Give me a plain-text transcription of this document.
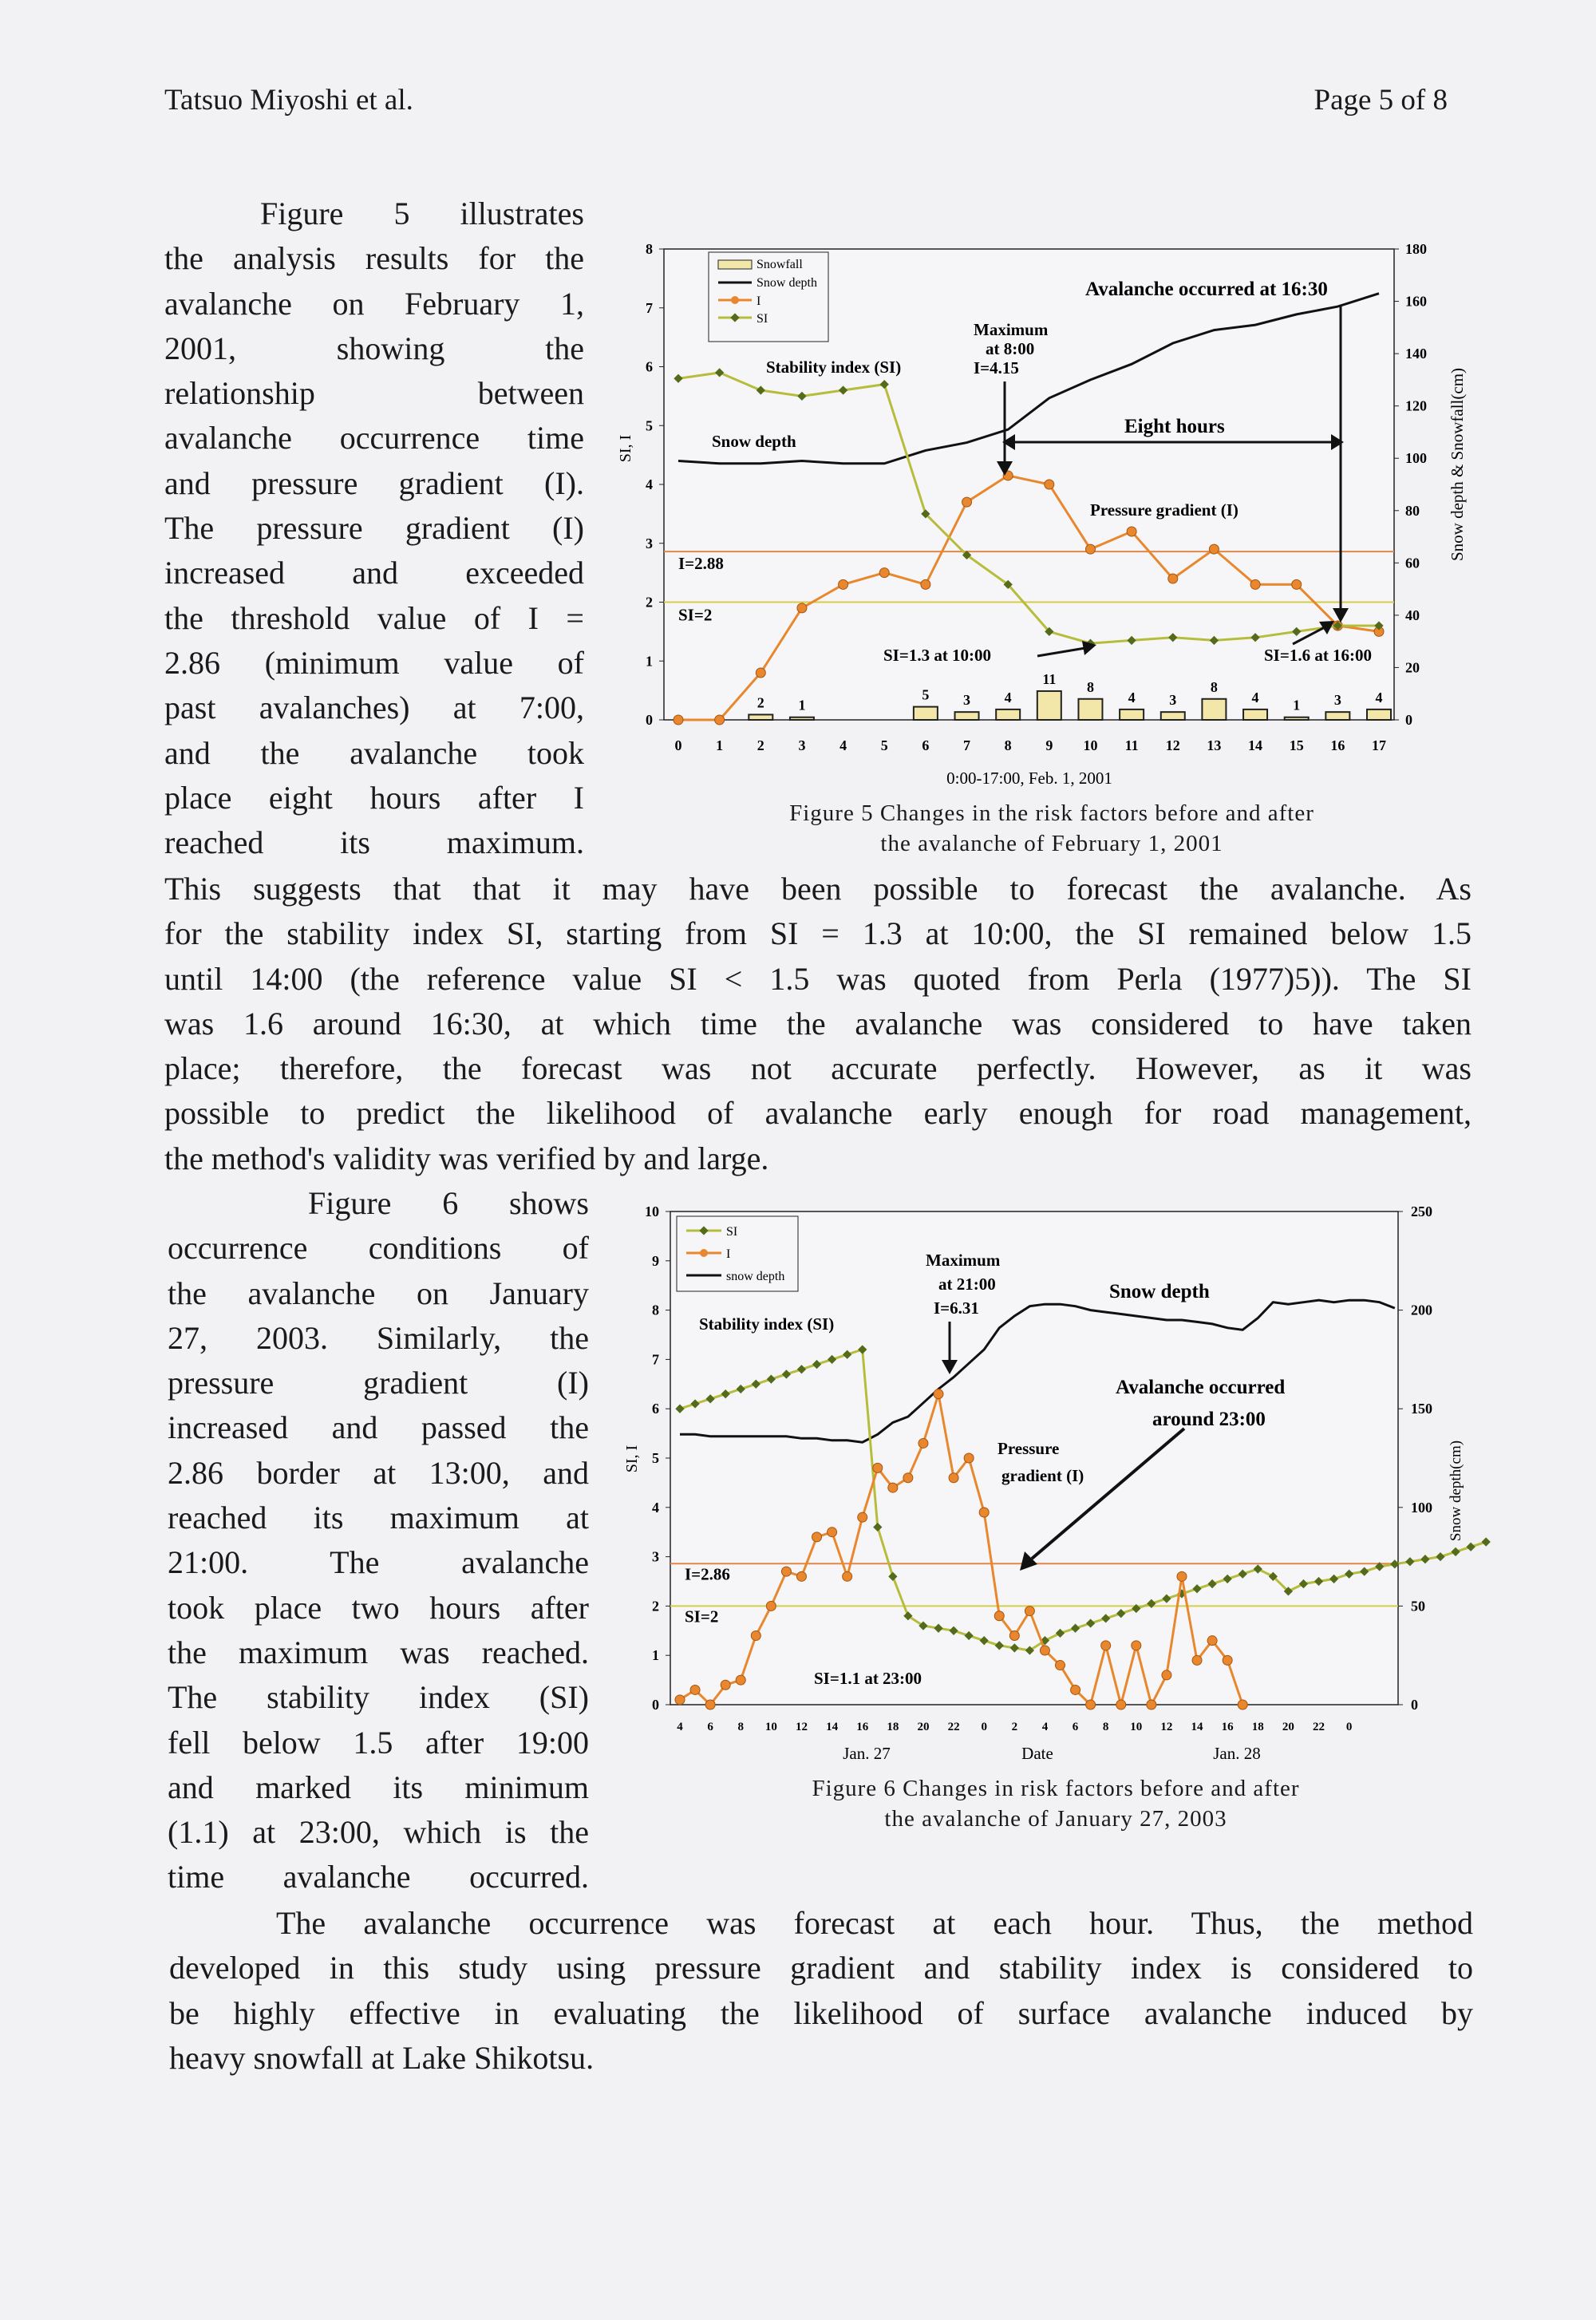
Tatsuo Miyoshi et al.	Page 5 of 8
Figure 5 illustrates
the analysis results for the
avalanche on February 1,
2001, showing the
relationship between
avalanche occurrence time
and pressure gradient (I).
The pressure gradient (I)
increased and exceeded
the threshold value of I =
2.86 (minimum value of
past avalanches) at 7:00,
and the avalanche took
place eight hours after I
reached its maximum.
I=2.88
SI=2
0
1
2
3
4
5
6
7
8
0
20
40
60
80
100
120
140
160
180
0 1 2 3 4 5 6 7 8 9 10 11 12 13 14 15 16 17
0:00-17:00, Feb. 1, 2001
SI, I	Snow depth & Snowfall(cm)
2 1
5 3 4
11 8
4 3
8
4 1 3 4
Snowfall
Snow depth
I
SI
Avalanche occurred at 16:30
Maximum
at 8:00
I=4.15
Eight hours
Stability index (SI)
Snow depth
Pressure gradient (I)
SI=1.3 at 10:00	SI=1.6 at 16:00
Figure 5 Changes in the risk factors before and after
the avalanche of February 1, 2001
This suggests that that it may have been possible to forecast the avalanche. As
for the stability index SI, starting from SI = 1.3 at 10:00, the SI remained below 1.5
until 14:00 (the reference value SI < 1.5 was quoted from Perla (1977)5)). The SI
was 1.6 around 16:30, at which time the avalanche was considered to have taken
place; therefore, the forecast was not accurate perfectly. However, as it was
possible to predict the likelihood of avalanche early enough for road management,
the method's validity was verified by and large.
Figure 6 shows
occurrence conditions of
the avalanche on January
27, 2003. Similarly, the
pressure gradient (I)
increased and passed the
2.86 border at 13:00, and
reached its maximum at
21:00. The avalanche
took place two hours after
the maximum was reached.
The stability index (SI)
fell below 1.5 after 19:00
and marked its minimum
(1.1) at 23:00, which is the
time avalanche occurred.
I=2.86
SI=2
0
1
2
3
4
5
6
7
8
9
10
0
50
100
150
200
250
4 6 8 10 12 14 16 18 20 22 0 2 4 6 8 10 12 14 16 18 20 22 0
Jan. 27	Date	Jan. 28
SI, I	Snow depth(cm)
SI
I
snow depth
Maximum
at 21:00
I=6.31
Snow depth
Stability index (SI)
Avalanche occurred
around 23:00
Pressure
gradient (I)
SI=1.1 at 23:00
Figure 6 Changes in risk factors before and after
the avalanche of January 27, 2003
The avalanche occurrence was forecast at each hour. Thus, the method
developed in this study using pressure gradient and stability index is considered to
be highly effective in evaluating the likelihood of surface avalanche induced by
heavy snowfall at Lake Shikotsu.
